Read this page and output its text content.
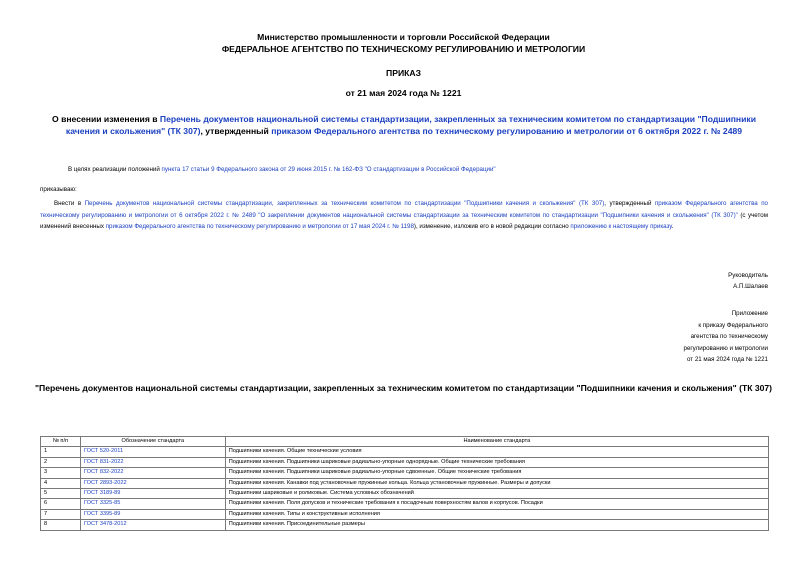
Министерство промышленности и торговли Российской Федерации
ФЕДЕРАЛЬНОЕ АГЕНТСТВО ПО ТЕХНИЧЕСКОМУ РЕГУЛИРОВАНИЮ И МЕТРОЛОГИИ
ПРИКАЗ
от 21 мая 2024 года № 1221
О внесении изменения в Перечень документов национальной системы стандартизации, закрепленных за техническим комитетом по стандартизации "Подшипники качения и скольжения" (ТК 307), утвержденный приказом Федерального агентства по техническому регулированию и метрологии от 6 октября 2022 г. № 2489
В целях реализации положений пункта 17 статьи 9 Федерального закона от 29 июня 2015 г. № 162-ФЗ "О стандартизации в Российской Федерации"
приказываю:
Внести в Перечень документов национальной системы стандартизации, закрепленных за техническим комитетом по стандартизации "Подшипники качения и скольжения" (ТК 307), утвержденный приказом Федерального агентства по техническому регулированию и метрологии от 6 октября 2022 г. № 2489 "О закреплении документов национальной системы стандартизации за техническим комитетом по стандартизации "Подшипники качения и скольжения" (ТК 307)" (с учетом изменений внесенных приказом Федерального агентства по техническому регулированию и метрологии от 17 мая 2024 г. № 1198), изменение, изложив его в новой редакции согласно приложению к настоящему приказу.
Руководитель
А.П.Шалаев
Приложение
к приказу Федерального
агентства по техническому
регулированию и метрологии
от 21 мая 2024 года № 1221
"Перечень документов национальной системы стандартизации, закрепленных за техническим комитетом по стандартизации "Подшипники качения и скольжения" (ТК 307)
№ п/п	Обозначение стандарта	Наименование стандарта
1	ГОСТ 520-2011	Подшипники качения. Общие технические условия
2	ГОСТ 831-2022	Подшипники качения. Подшипники шариковые радиально-упорные однорядные. Общие технические требования
3	ГОСТ 832-2022	Подшипники качения. Подшипники шариковые радиально-упорные сдвоенные. Общие технические требования
4	ГОСТ 2893-2022	Подшипники качения. Канавки под установочные пружинные кольца. Кольца установочные пружинные. Размеры и допуски
5	ГОСТ 3189-89	Подшипники шариковые и роликовые. Система условных обозначений
6	ГОСТ 3325-85	Подшипники качения. Поля допусков и технические требования к посадочным поверхностям валов и корпусов. Посадки
7	ГОСТ 3395-89	Подшипники качения. Типы и конструктивные исполнения
8	ГОСТ 3478-2012	Подшипники качения. Присоединительные размеры
